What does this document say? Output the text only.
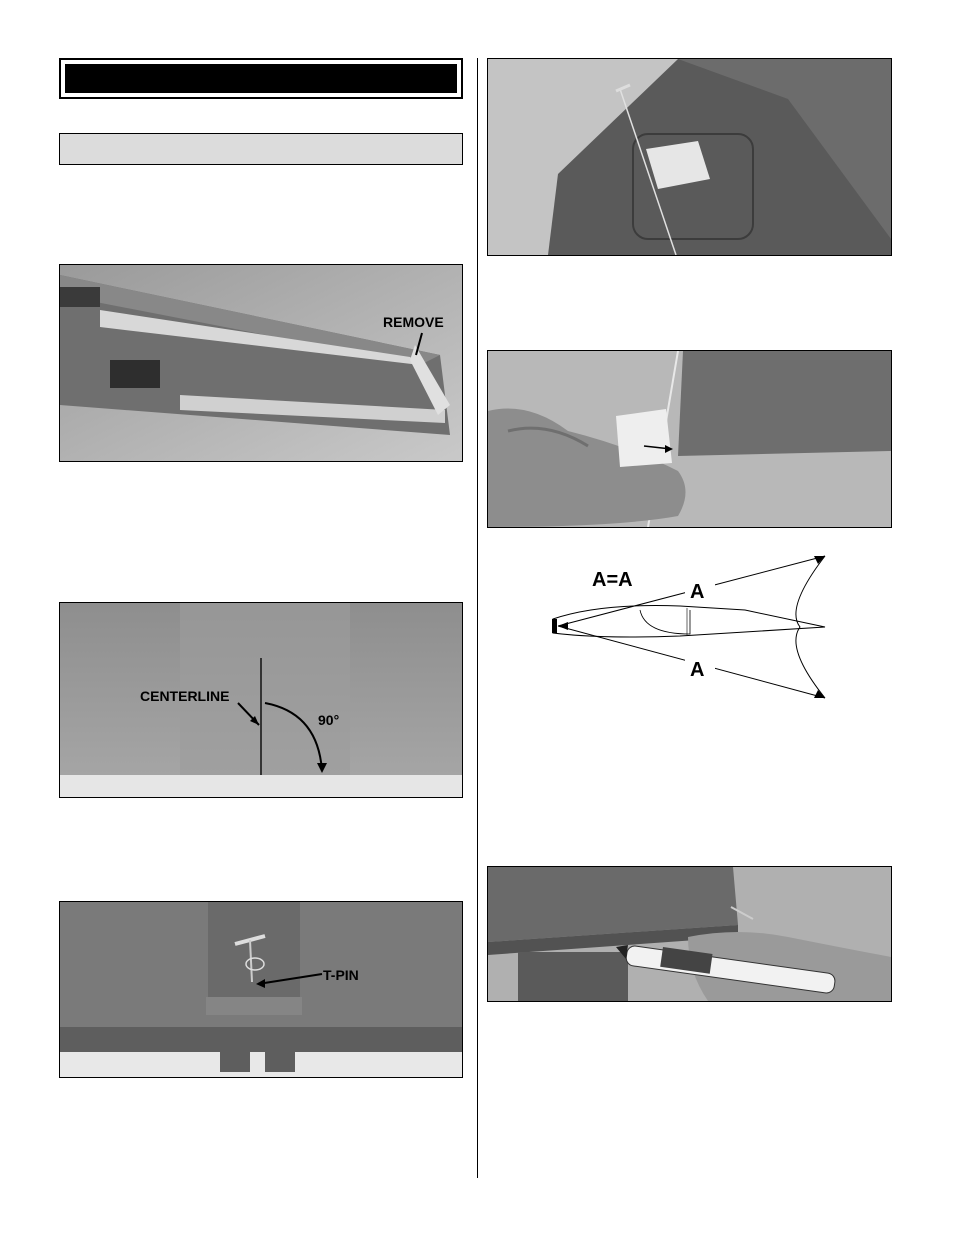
REMOVE
CENTERLINE
90°
T-PIN
A=A
A
A
